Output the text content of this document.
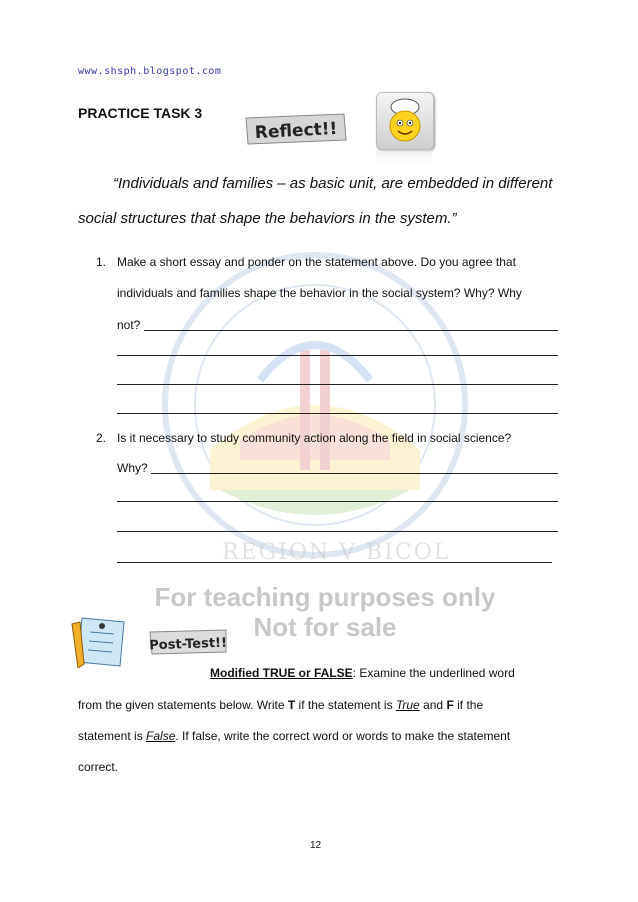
www.shsph.blogspot.com
PRACTICE TASK 3
Reflect!!
“Individuals and families – as basic unit, are embedded in different
social structures that shape the behaviors in the system.”
1. Make a short essay and ponder on the statement above. Do you agree that
individuals and families shape the behavior in the social system? Why? Why
not?
2. Is it necessary to study community action along the field in social science?
Why?
REGION V BICOL
For teaching purposes only
Not for sale
Post-Test!!
Modified TRUE or FALSE: Examine the underlined word
from the given statements below. Write T if the statement is True and F if the
statement is False. If false, write the correct word or words to make the statement
correct.
12
